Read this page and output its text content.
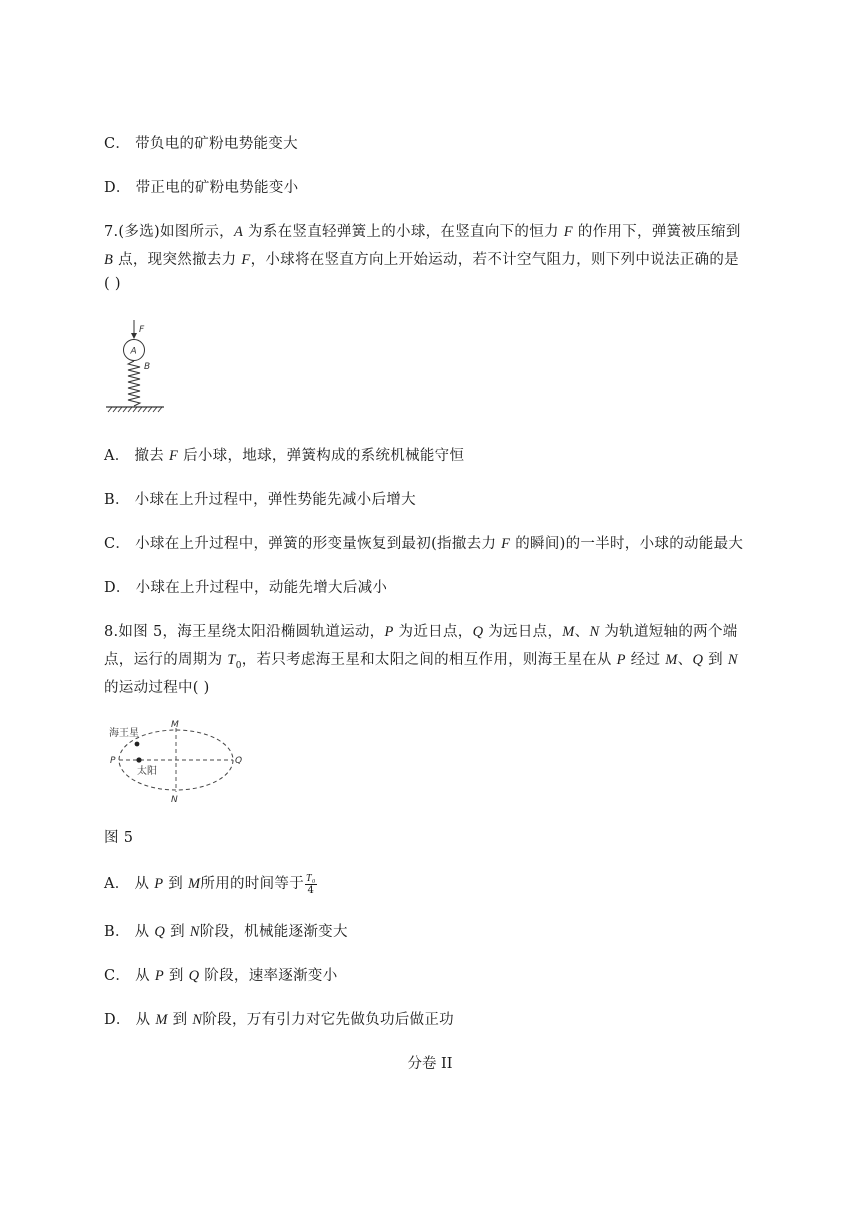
C． 带负电的矿粉电势能变大
D． 带正电的矿粉电势能变小
7.(多选)如图所示，A 为系在竖直轻弹簧上的小球，在竖直向下的恒力 F 的作用下，弹簧被压缩到
B 点，现突然撤去力 F，小球将在竖直方向上开始运动，若不计空气阻力，则下列中说法正确的是
( )
F
A
B
A． 撤去 F 后小球，地球，弹簧构成的系统机械能守恒
B． 小球在上升过程中，弹性势能先减小后增大
C． 小球在上升过程中，弹簧的形变量恢复到最初(指撤去力 F 的瞬间)的一半时，小球的动能最大
D． 小球在上升过程中，动能先增大后减小
8.如图 5，海王星绕太阳沿椭圆轨道运动，P 为近日点，Q 为远日点，M、N 为轨道短轴的两个端
点，运行的周期为 $T_0$，若只考虑海王星和太阳之间的相互作用，则海王星在从 P 经过 M、Q 到 N
的运动过程中( )
海王星
太阳
M
N
P	Q
图 5
A． 从 P 到 M所用的时间等于 $\frac{\text{T₀}}{4}$
B． 从 Q 到 N阶段，机械能逐渐变大
C． 从 P 到 Q 阶段，速率逐渐变小
D． 从 M 到 N阶段，万有引力对它先做负功后做正功
分卷 II
